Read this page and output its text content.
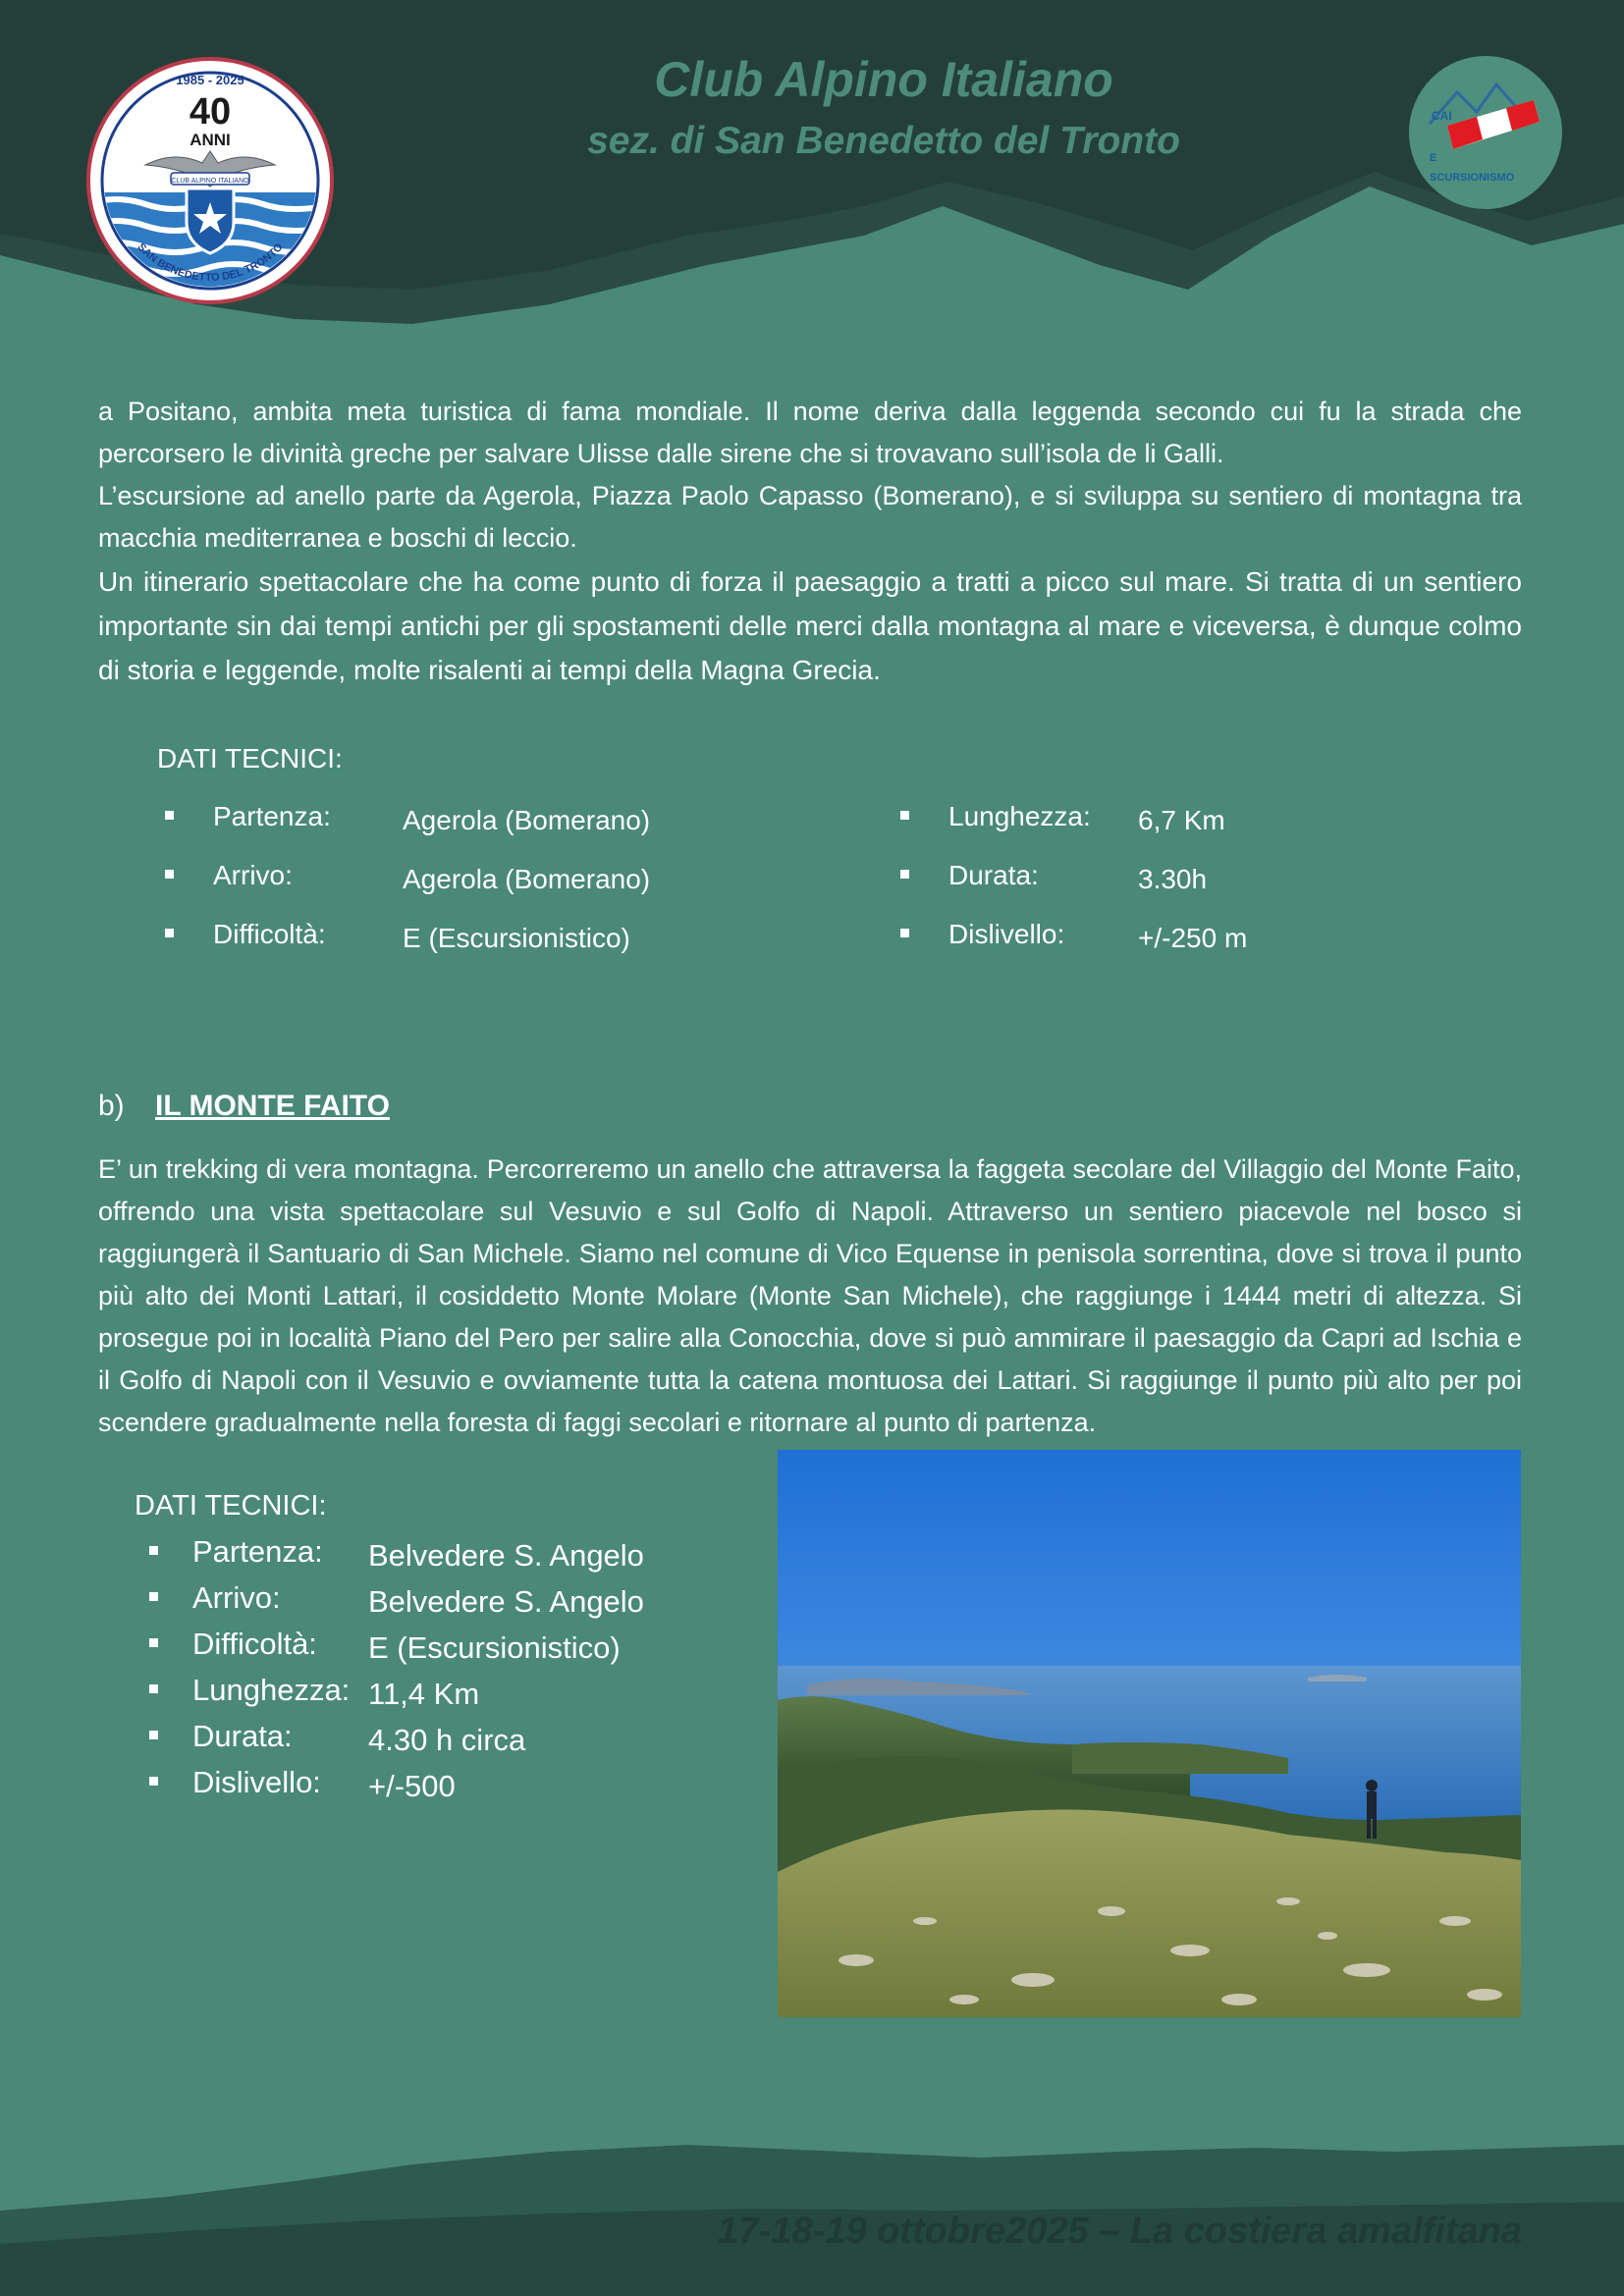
Club Alpino Italiano
sez. di San Benedetto del Tronto
1985 - 2025
40
ANNI
CLUB ALPINO ITALIANO
SAN BENEDETTO DEL TRONTO
CAI
E
SCURSIONISMO

a Positano, ambita meta turistica di fama mondiale. Il nome deriva dalla leggenda secondo cui fu la strada che percorsero le divinità greche per salvare Ulisse dalle sirene che si trovavano sull’isola de li Galli.

L’escursione ad anello parte da Agerola, Piazza Paolo Capasso (Bomerano), e si sviluppa su sentiero di montagna tra macchia mediterranea e boschi di leccio.

Un itinerario spettacolare che ha come punto di forza il paesaggio a tratti a picco sul mare. Si tratta di un sentiero importante sin dai tempi antichi per gli spostamenti delle merci dalla montagna al mare e viceversa, è dunque colmo di storia e leggende, molte risalenti ai tempi della Magna Grecia.

DATI TECNICI:
Partenza:	Agerola (Bomerano)
Arrivo:	Agerola (Bomerano)
Difficoltà:	E (Escursionistico)
Lunghezza: 6,7 Km
Durata:	3.30h
Dislivello:	+/-250 m
b) IL MONTE FAITO

E’ un trekking di vera montagna. Percorreremo un anello che attraversa la faggeta secolare del Villaggio del Monte Faito, offrendo una vista spettacolare sul Vesuvio e sul Golfo di Napoli. Attraverso un sentiero piacevole nel bosco si raggiungerà il Santuario di San Michele. Siamo nel comune di Vico Equense in penisola sorrentina, dove si trova il punto più alto dei Monti Lattari, il cosiddetto Monte Molare (Monte San Michele), che raggiunge i 1444 metri di altezza. Si prosegue poi in località Piano del Pero per salire alla Conocchia, dove si può ammirare il paesaggio da Capri ad Ischia e il Golfo di Napoli con il Vesuvio e ovviamente tutta la catena montuosa dei Lattari. Si raggiunge il punto più alto per poi scendere gradualmente nella foresta di faggi secolari e ritornare al punto di partenza.

DATI TECNICI:
Partenza: Belvedere S. Angelo
Arrivo:	Belvedere S. Angelo
Difficoltà: E (Escursionistico)
Lunghezza: 11,4 Km
Durata: 4.30 h circa
Dislivello: +/-500
17-18-19 ottobre2025 – La costiera amalfitana
